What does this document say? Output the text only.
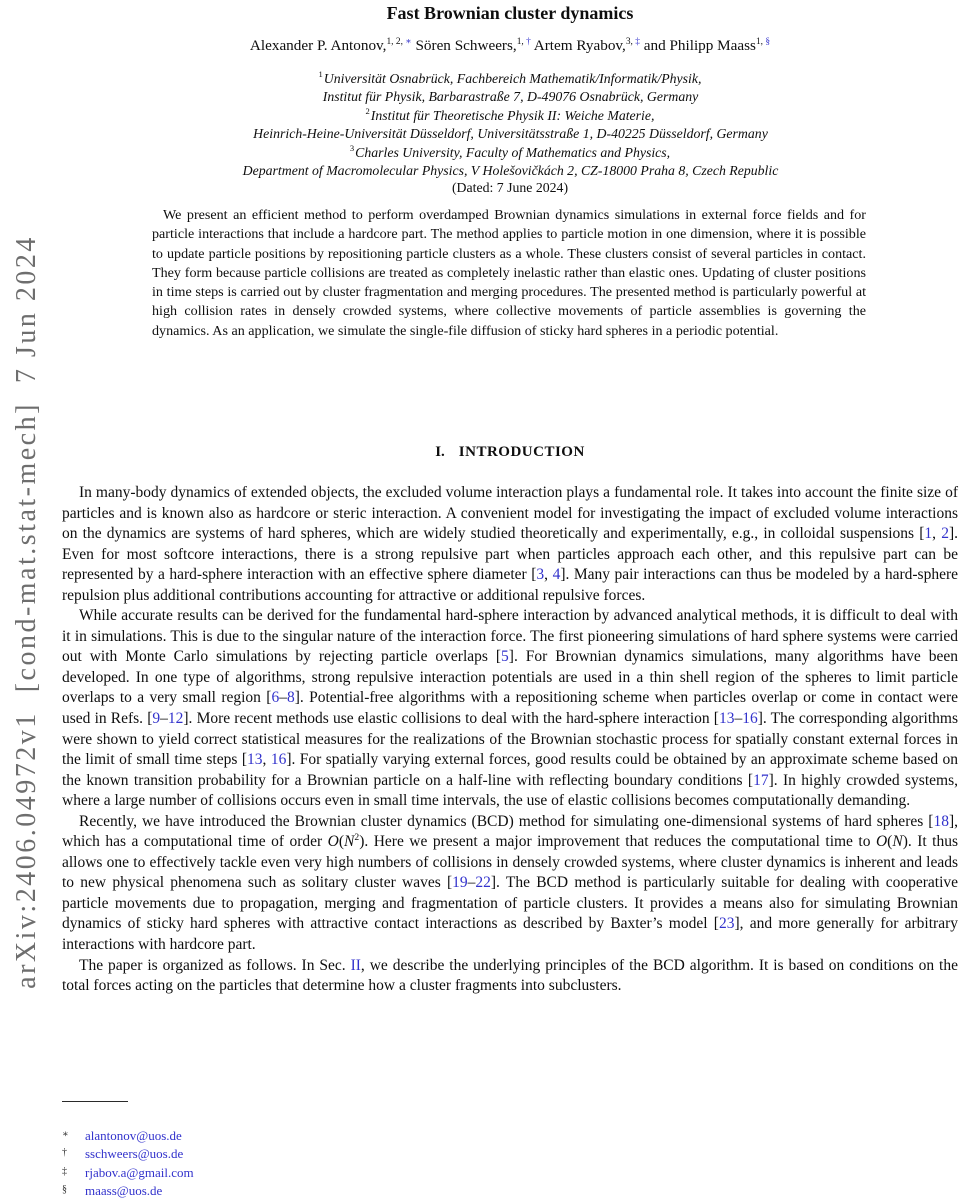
arXiv:2406.04972v1  [cond-mat.stat-mech]  7 Jun 2024
Fast Brownian cluster dynamics
Alexander P. Antonov,$^{1, 2,}$ ∗ Sören Schweers,$^{1,}$ † Artem Ryabov,$^{3,}$ ‡ and Philipp Maass$^{1,}$ §
$^1$Universität Osnabrück, Fachbereich Mathematik/Informatik/Physik,
Institut für Physik, Barbarastraße 7, D-49076 Osnabrück, Germany
$^2$Institut für Theoretische Physik II: Weiche Materie,
Heinrich-Heine-Universität Düsseldorf, Universitätsstraße 1, D-40225 Düsseldorf, Germany
$^3$Charles University, Faculty of Mathematics and Physics,
Department of Macromolecular Physics, V Holešovičkách 2, CZ-18000 Praha 8, Czech Republic
(Dated: 7 June 2024)
We present an efficient method to perform overdamped Brownian dynamics simulations in external force fields and for particle interactions that include a hardcore part. The method applies to particle motion in one dimension, where it is possible to update particle positions by repositioning particle clusters as a whole. These clusters consist of several particles in contact. They form because particle collisions are treated as completely inelastic rather than elastic ones. Updating of cluster positions in time steps is carried out by cluster fragmentation and merging procedures. The presented method is particularly powerful at high collision rates in densely crowded systems, where collective movements of particle assemblies is governing the dynamics. As an application, we simulate the single-file diffusion of sticky hard spheres in a periodic potential.
I. INTRODUCTION

In many-body dynamics of extended objects, the excluded volume interaction plays a fundamental role. It takes into account the finite size of particles and is known also as hardcore or steric interaction. A convenient model for investigating the impact of excluded volume interactions on the dynamics are systems of hard spheres, which are widely studied theoretically and experimentally, e.g., in colloidal suspensions [1, 2]. Even for most softcore interactions, there is a strong repulsive part when particles approach each other, and this repulsive part can be represented by a hard-sphere interaction with an effective sphere diameter [3, 4]. Many pair interactions can thus be modeled by a hard-sphere repulsion plus additional contributions accounting for attractive or additional repulsive forces.

While accurate results can be derived for the fundamental hard-sphere interaction by advanced analytical methods, it is difficult to deal with it in simulations. This is due to the singular nature of the interaction force. The first pioneering simulations of hard sphere systems were carried out with Monte Carlo simulations by rejecting particle overlaps [5]. For Brownian dynamics simulations, many algorithms have been developed. In one type of algorithms, strong repulsive interaction potentials are used in a thin shell region of the spheres to limit particle overlaps to a very small region [6–8]. Potential-free algorithms with a repositioning scheme when particles overlap or come in contact were used in Refs. [9–12]. More recent methods use elastic collisions to deal with the hard-sphere interaction [13–16]. The corresponding algorithms were shown to yield correct statistical measures for the realizations of the Brownian stochastic process for spatially constant external forces in the limit of small time steps [13, 16]. For spatially varying external forces, good results could be obtained by an approximate scheme based on the known transition probability for a Brownian particle on a half-line with reflecting boundary conditions [17]. In highly crowded systems, where a large number of collisions occurs even in small time intervals, the use of elastic collisions becomes computationally demanding.

Recently, we have introduced the Brownian cluster dynamics (BCD) method for simulating one-dimensional systems of hard spheres [18], which has a computational time of order $O(N^2)$. Here we present a major improvement that reduces the computational time to O(N). It thus allows one to effectively tackle even very high numbers of collisions in densely crowded systems, where cluster dynamics is inherent and leads to new physical phenomena such as solitary cluster waves [19–22]. The BCD method is particularly suitable for dealing with cooperative particle movements due to propagation, merging and fragmentation of particle clusters. It provides a means also for simulating Brownian dynamics of sticky hard spheres with attractive contact interactions as described by Baxter’s model [23], and more generally for arbitrary interactions with hardcore part.

The paper is organized as follows. In Sec. II, we describe the underlying principles of the BCD algorithm. It is based on conditions on the total forces acting on the particles that determine how a cluster fragments into subclusters.

∗ alantonov@uos.de
† sschweers@uos.de
‡ rjabov.a@gmail.com
§ maass@uos.de
